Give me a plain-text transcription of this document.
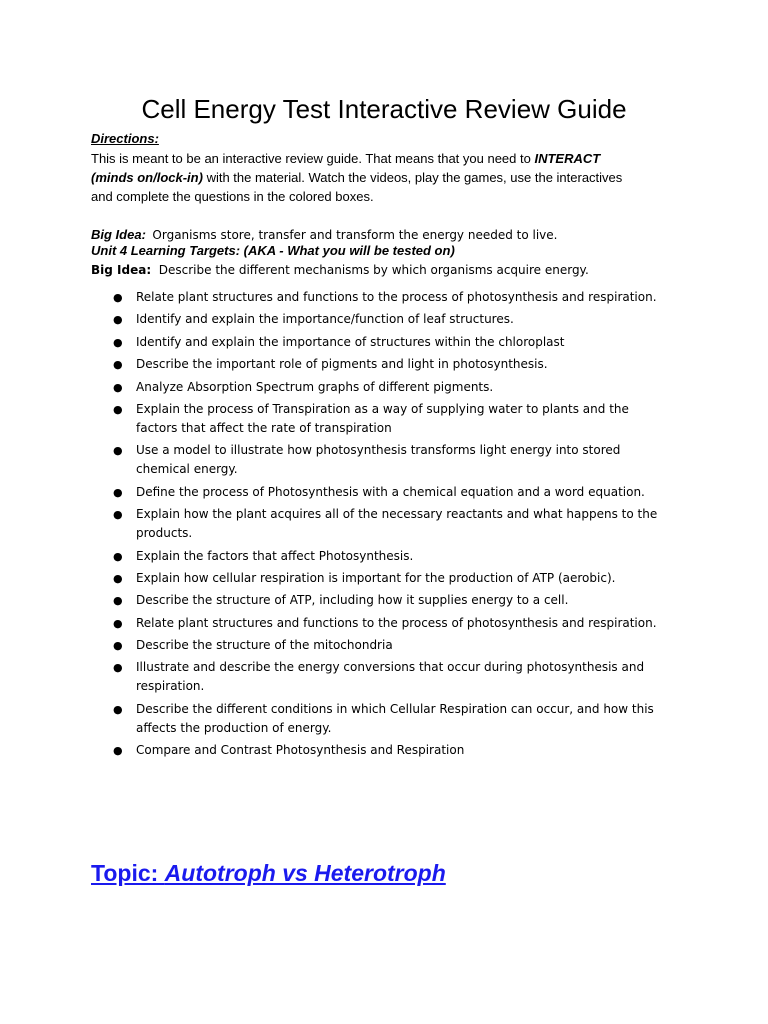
Cell Energy Test Interactive Review Guide
Directions:
This is meant to be an interactive review guide. That means that you need to INTERACT
(minds on/lock-in) with the material. Watch the videos, play the games, use the interactives
and complete the questions in the colored boxes.
Big Idea: Organisms store, transfer and transform the energy needed to live.
Unit 4 Learning Targets: (AKA - What you will be tested on)
Big Idea: Describe the different mechanisms by which organisms acquire energy.
● Relate plant structures and functions to the process of photosynthesis and respiration.
● Identify and explain the importance/function of leaf structures.
● Identify and explain the importance of structures within the chloroplast
● Describe the important role of pigments and light in photosynthesis.
● Analyze Absorption Spectrum graphs of different pigments.
● Explain the process of Transpiration as a way of supplying water to plants and the factors that affect the rate of transpiration
● Use a model to illustrate how photosynthesis transforms light energy into stored chemical energy.
● Define the process of Photosynthesis with a chemical equation and a word equation.
● Explain how the plant acquires all of the necessary reactants and what happens to the products.
● Explain the factors that affect Photosynthesis.
● Explain how cellular respiration is important for the production of ATP (aerobic).
● Describe the structure of ATP, including how it supplies energy to a cell.
● Relate plant structures and functions to the process of photosynthesis and respiration.
● Describe the structure of the mitochondria
● Illustrate and describe the energy conversions that occur during photosynthesis and respiration.
● Describe the different conditions in which Cellular Respiration can occur, and how this affects the production of energy.
● Compare and Contrast Photosynthesis and Respiration
Topic: Autotroph vs Heterotroph
